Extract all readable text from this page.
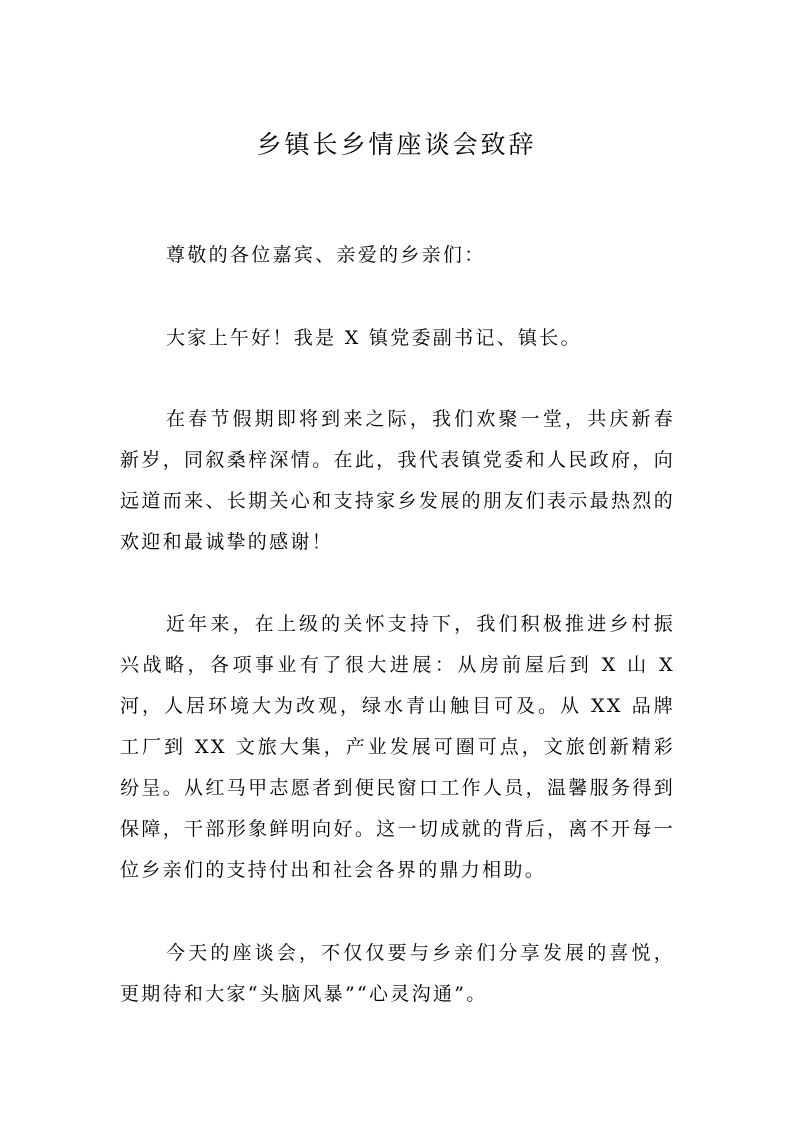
乡镇长乡情座谈会致辞

尊敬的各位嘉宾、亲爱的乡亲们：

大家上午好！我是 X 镇党委副书记、镇长。

在春节假期即将到来之际，我们欢聚一堂，共庆新春新岁，同叙桑梓深情。在此，我代表镇党委和人民政府，向远道而来、长期关心和支持家乡发展的朋友们表示最热烈的欢迎和最诚挚的感谢！

近年来，在上级的关怀支持下，我们积极推进乡村振兴战略，各项事业有了很大进展：从房前屋后到 X 山 X 河，人居环境大为改观，绿水青山触目可及。从 XX 品牌工厂到 XX 文旅大集，产业发展可圈可点，文旅创新精彩纷呈。从红马甲志愿者到便民窗口工作人员，温馨服务得到保障，干部形象鲜明向好。这一切成就的背后，离不开每一位乡亲们的支持付出和社会各界的鼎力相助。

今天的座谈会，不仅仅要与乡亲们分享发展的喜悦，更期待和大家“头脑风暴”“心灵沟通”。
